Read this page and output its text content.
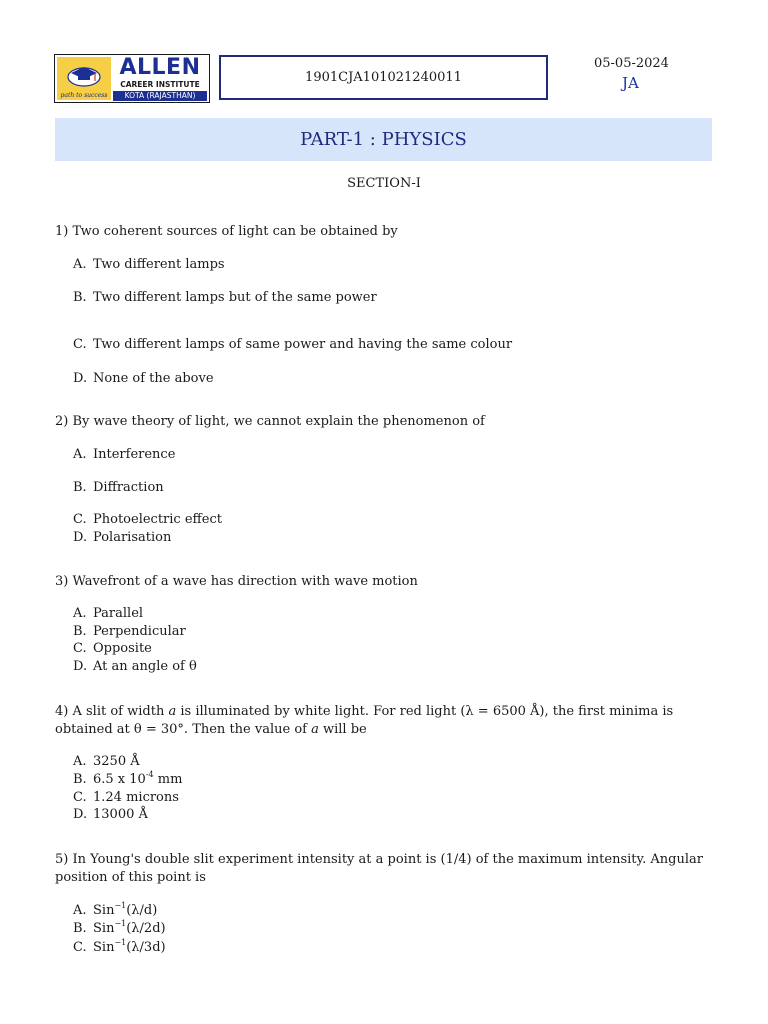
path to success
ALLEN
CAREER INSTITUTE
KOTA (RAJASTHAN)
1901CJA101021240011
05-05-2024
JA
PART-1 : PHYSICS
SECTION-I
1) Two coherent sources of light can be obtained by
A. Two different lamps
B. Two different lamps but of the same power
C. Two different lamps of same power and having the same colour
D. None of the above
2) By wave theory of light, we cannot explain the phenomenon of
A. Interference
B. Diffraction
C. Photoelectric effect
D. Polarisation
3) Wavefront of a wave has direction with wave motion
A. Parallel
B. Perpendicular
C. Opposite
D. At an angle of θ
4) A slit of width a is illuminated by white light. For red light (λ = 6500 Å), the first minima is obtained at θ = 30°. Then the value of a will be
A. 3250 Å
B. 6.5 x $10^{-4}$ mm
C. 1.24 microns
D. 13000 Å
5) In Young's double slit experiment intensity at a point is (1/4) of the maximum intensity. Angular position of this point is
A. Sin$^{-1}$(λ/d)
B. Sin$^{-1}$(λ/2d)
C. Sin$^{-1}$(λ/3d)
